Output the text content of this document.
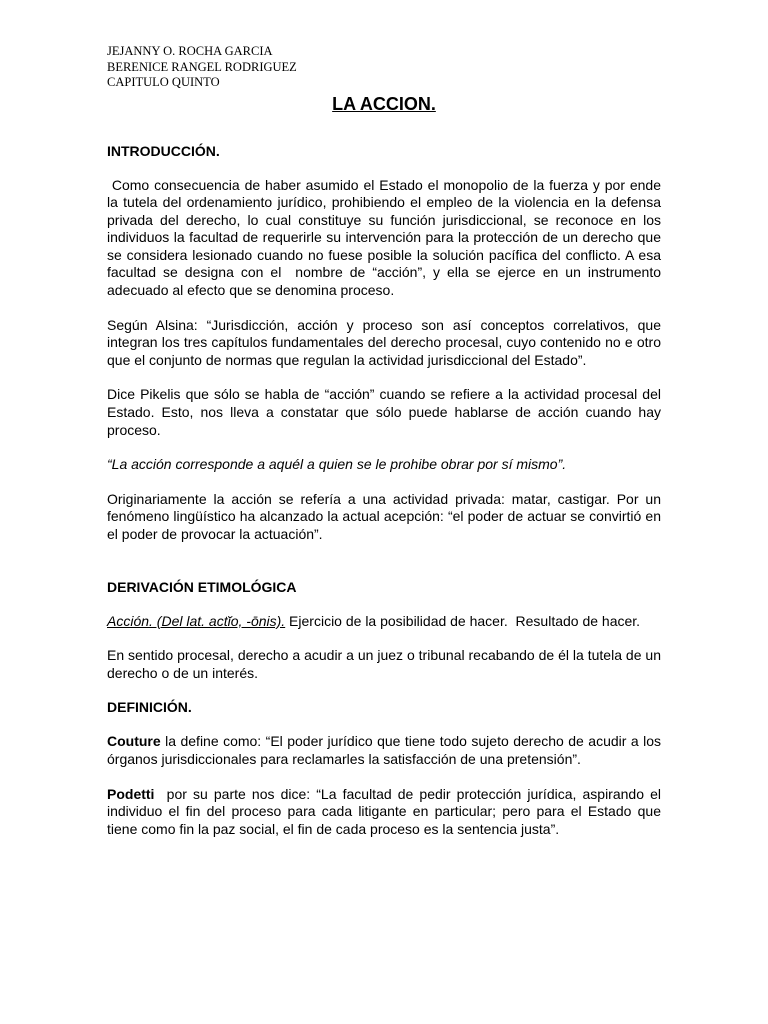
JEJANNY O. ROCHA GARCIA
BERENICE RANGEL RODRIGUEZ
CAPITULO QUINTO
LA ACCION.
INTRODUCCIÓN.

Como consecuencia de haber asumido el Estado el monopolio de la fuerza y por ende la tutela del ordenamiento jurídico, prohibiendo el empleo de la violencia en la defensa privada del derecho, lo cual constituye su función jurisdiccional, se reconoce en los individuos la facultad de requerirle su intervención para la protección de un derecho que se considera lesionado cuando no fuese posible la solución pacífica del conflicto. A esa facultad se designa con el  nombre de “acción”, y ella se ejerce en un instrumento adecuado al efecto que se denomina proceso.

Según Alsina: “Jurisdicción, acción y proceso son así conceptos correlativos, que integran los tres capítulos fundamentales del derecho procesal, cuyo contenido no e otro que el conjunto de normas que regulan la actividad jurisdiccional del Estado”.

Dice Pikelis que sólo se habla de “acción” cuando se refiere a la actividad procesal del Estado. Esto, nos lleva a constatar que sólo puede hablarse de acción cuando hay proceso.

“La acción corresponde a aquél a quien se le prohibe obrar por sí mismo”.

Originariamente la acción se refería a una actividad privada: matar, castigar. Por un fenómeno lingüístico ha alcanzado la actual acepción: “el poder de actuar se convirtió en el poder de provocar la actuación”.

DERIVACIÓN ETIMOLÓGICA

Acción. (Del lat. actĭo, -ōnis). Ejercicio de la posibilidad de hacer.  Resultado de hacer.

En sentido procesal, derecho a acudir a un juez o tribunal recabando de él la tutela de un derecho o de un interés.

DEFINICIÓN.

Couture la define como: “El poder jurídico que tiene todo sujeto derecho de acudir a los órganos jurisdiccionales para reclamarles la satisfacción de una pretensión”.

Podetti  por su parte nos dice: “La facultad de pedir protección jurídica, aspirando el individuo el fin del proceso para cada litigante en particular; pero para el Estado que tiene como fin la paz social, el fin de cada proceso es la sentencia justa”.
